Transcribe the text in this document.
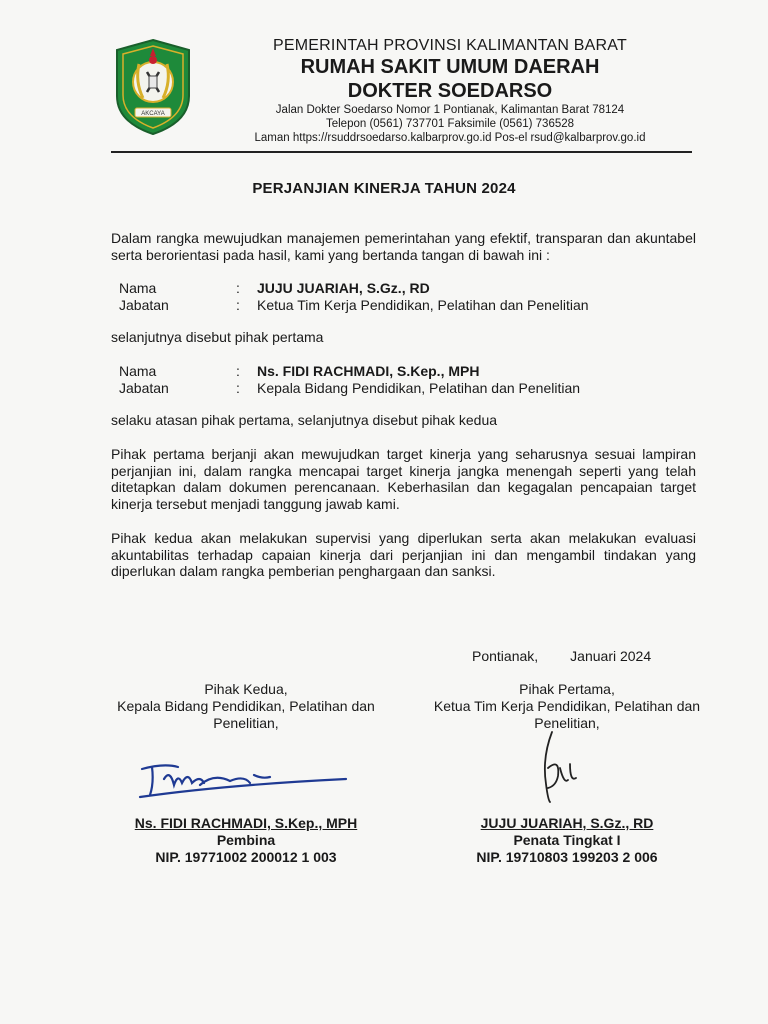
AKCAYA
PEMERINTAH PROVINSI KALIMANTAN BARAT
RUMAH SAKIT UMUM DAERAH
DOKTER SOEDARSO
Jalan Dokter Soedarso Nomor 1 Pontianak, Kalimantan Barat 78124
Telepon (0561) 737701 Faksimile (0561) 736528
Laman https://rsuddrsoedarso.kalbarprov.go.id Pos-el rsud@kalbarprov.go.id
PERJANJIAN KINERJA TAHUN 2024
Dalam rangka mewujudkan manajemen pemerintahan yang efektif, transparan dan akuntabel serta berorientasi pada hasil, kami yang bertanda tangan di bawah ini :
Nama	: JUJU JUARIAH, S.Gz., RD
Jabatan	: Ketua Tim Kerja Pendidikan, Pelatihan dan Penelitian
selanjutnya disebut pihak pertama
Nama	: Ns. FIDI RACHMADI, S.Kep., MPH
Jabatan	: Kepala Bidang Pendidikan, Pelatihan dan Penelitian
selaku atasan pihak pertama, selanjutnya disebut pihak kedua
Pihak pertama berjanji akan mewujudkan target kinerja yang seharusnya sesuai lampiran perjanjian ini, dalam rangka mencapai target kinerja jangka menengah seperti yang telah ditetapkan dalam dokumen perencanaan. Keberhasilan dan kegagalan pencapaian target kinerja tersebut menjadi tanggung jawab kami.
Pihak kedua akan melakukan supervisi yang diperlukan serta akan melakukan evaluasi akuntabilitas terhadap capaian kinerja dari perjanjian ini dan mengambil tindakan yang diperlukan dalam rangka pemberian penghargaan dan sanksi.
Pontianak, Januari 2024
Pihak Kedua,
Kepala Bidang Pendidikan, Pelatihan dan Penelitian,
Ns. FIDI RACHMADI, S.Kep., MPH
Pembina
NIP. 19771002 200012 1 003
Pihak Pertama,
Ketua Tim Kerja Pendidikan, Pelatihan dan Penelitian,
JUJU JUARIAH, S.Gz., RD
Penata Tingkat I
NIP. 19710803 199203 2 006
